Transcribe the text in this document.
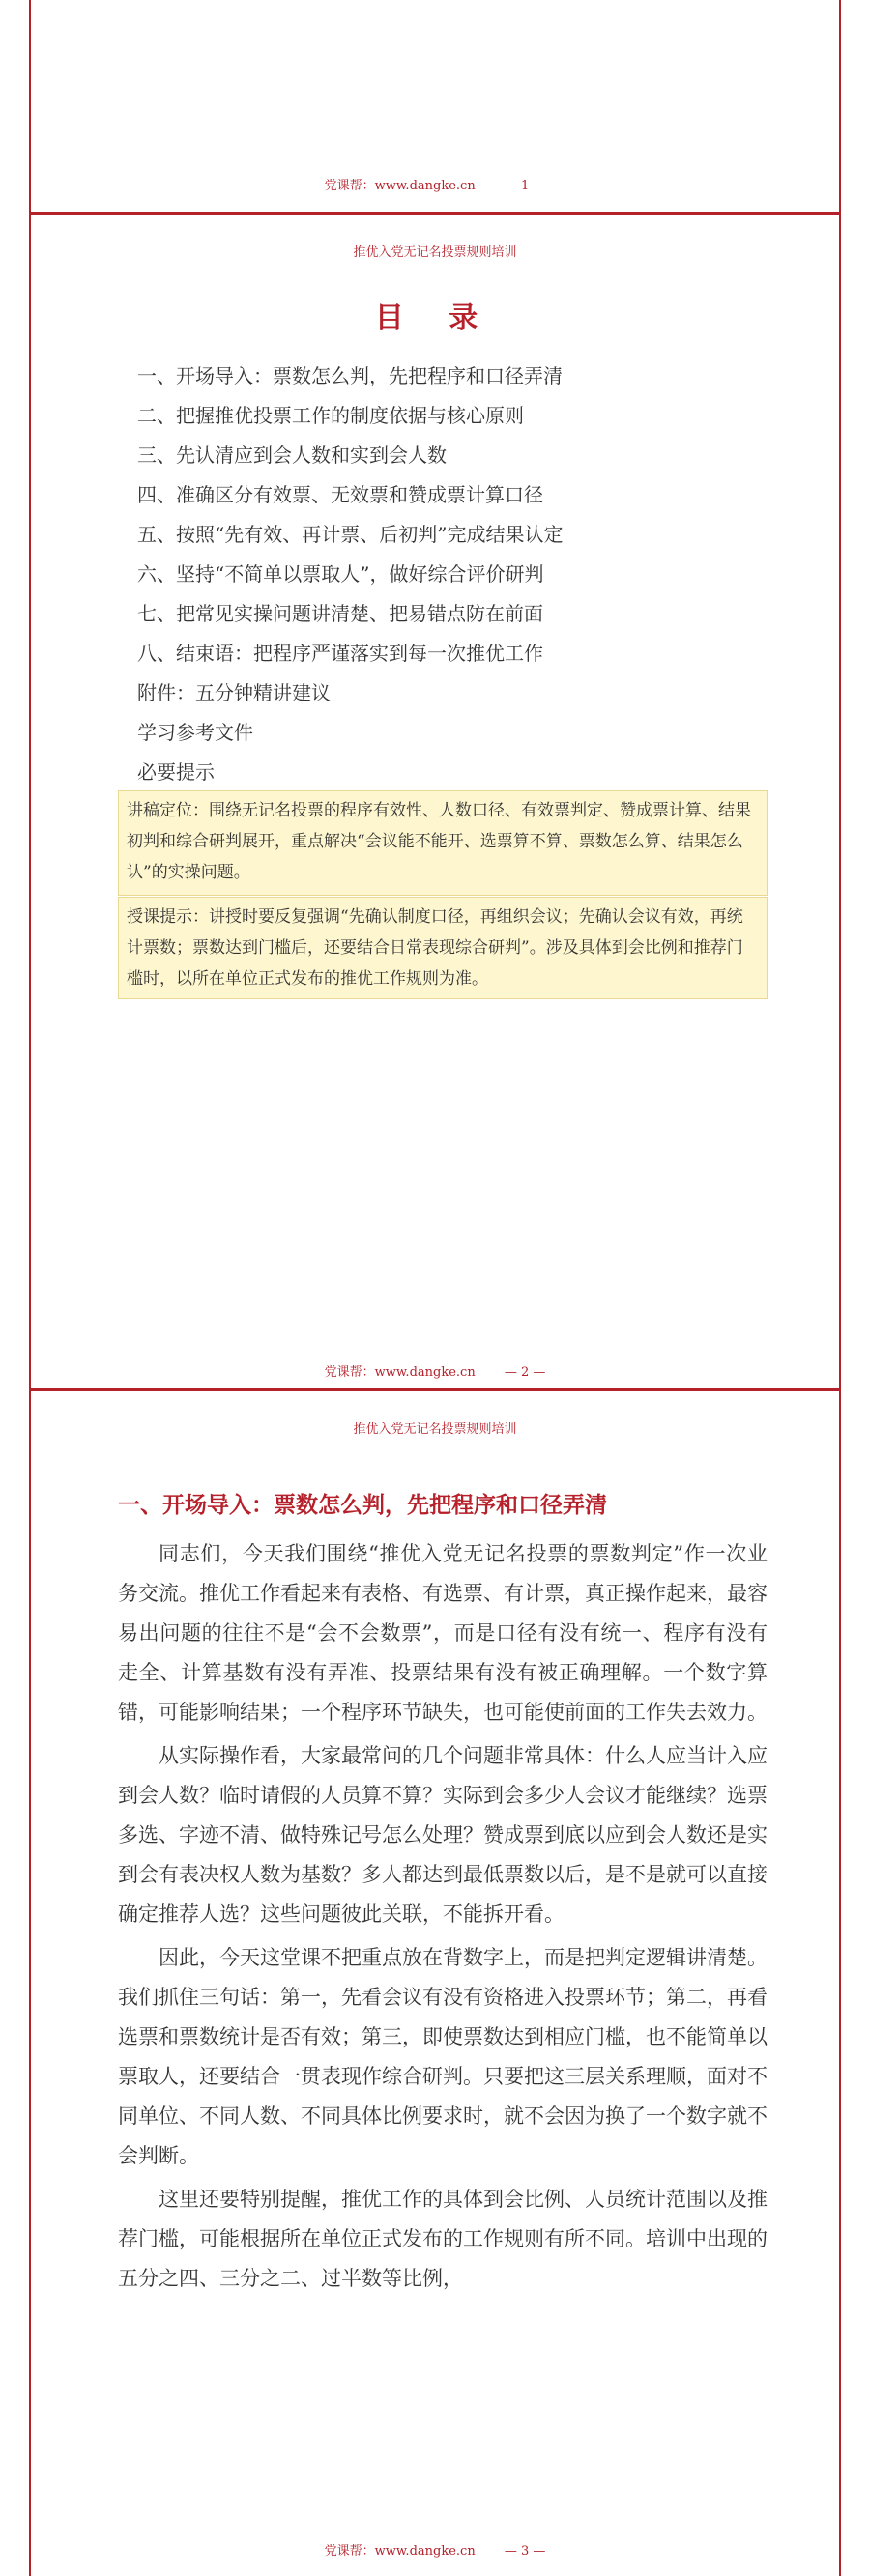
党课帮：www.dangke.cn — 1 —
推优入党无记名投票规则培训
目 录
一、开场导入：票数怎么判，先把程序和口径弄清
二、把握推优投票工作的制度依据与核心原则
三、先认清应到会人数和实到会人数
四、准确区分有效票、无效票和赞成票计算口径
五、按照“先有效、再计票、后初判”完成结果认定
六、坚持“不简单以票取人”，做好综合评价研判
七、把常见实操问题讲清楚、把易错点防在前面
八、结束语：把程序严谨落实到每一次推优工作
附件：五分钟精讲建议
学习参考文件
必要提示
讲稿定位：围绕无记名投票的程序有效性、人数口径、有效票判定、赞成票计算、结果初判和综合研判展开，重点解决“会议能不能开、选票算不算、票数怎么算、结果怎么认”的实操问题。
授课提示：讲授时要反复强调“先确认制度口径，再组织会议；先确认会议有效，再统计票数；票数达到门槛后，还要结合日常表现综合研判”。涉及具体到会比例和推荐门槛时，以所在单位正式发布的推优工作规则为准。
党课帮：www.dangke.cn — 2 —
推优入党无记名投票规则培训
一、开场导入：票数怎么判，先把程序和口径弄清

同志们，今天我们围绕“推优入党无记名投票的票数判定”作一次业务交流。推优工作看起来有表格、有选票、有计票，真正操作起来，最容易出问题的往往不是“会不会数票”，而是口径有没有统一、程序有没有走全、计算基数有没有弄准、投票结果有没有被正确理解。一个数字算错，可能影响结果；一个程序环节缺失，也可能使前面的工作失去效力。

从实际操作看，大家最常问的几个问题非常具体：什么人应当计入应到会人数？临时请假的人员算不算？实际到会多少人会议才能继续？选票多选、字迹不清、做特殊记号怎么处理？赞成票到底以应到会人数还是实到会有表决权人数为基数？多人都达到最低票数以后，是不是就可以直接确定推荐人选？这些问题彼此关联，不能拆开看。

因此，今天这堂课不把重点放在背数字上，而是把判定逻辑讲清楚。我们抓住三句话：第一，先看会议有没有资格进入投票环节；第二，再看选票和票数统计是否有效；第三，即使票数达到相应门槛，也不能简单以票取人，还要结合一贯表现作综合研判。只要把这三层关系理顺，面对不同单位、不同人数、不同具体比例要求时，就不会因为换了一个数字就不会判断。

这里还要特别提醒，推优工作的具体到会比例、人员统计范围以及推荐门槛，可能根据所在单位正式发布的工作规则有所不同。培训中出现的五分之四、三分之二、过半数等比例，

党课帮：www.dangke.cn — 3 —
